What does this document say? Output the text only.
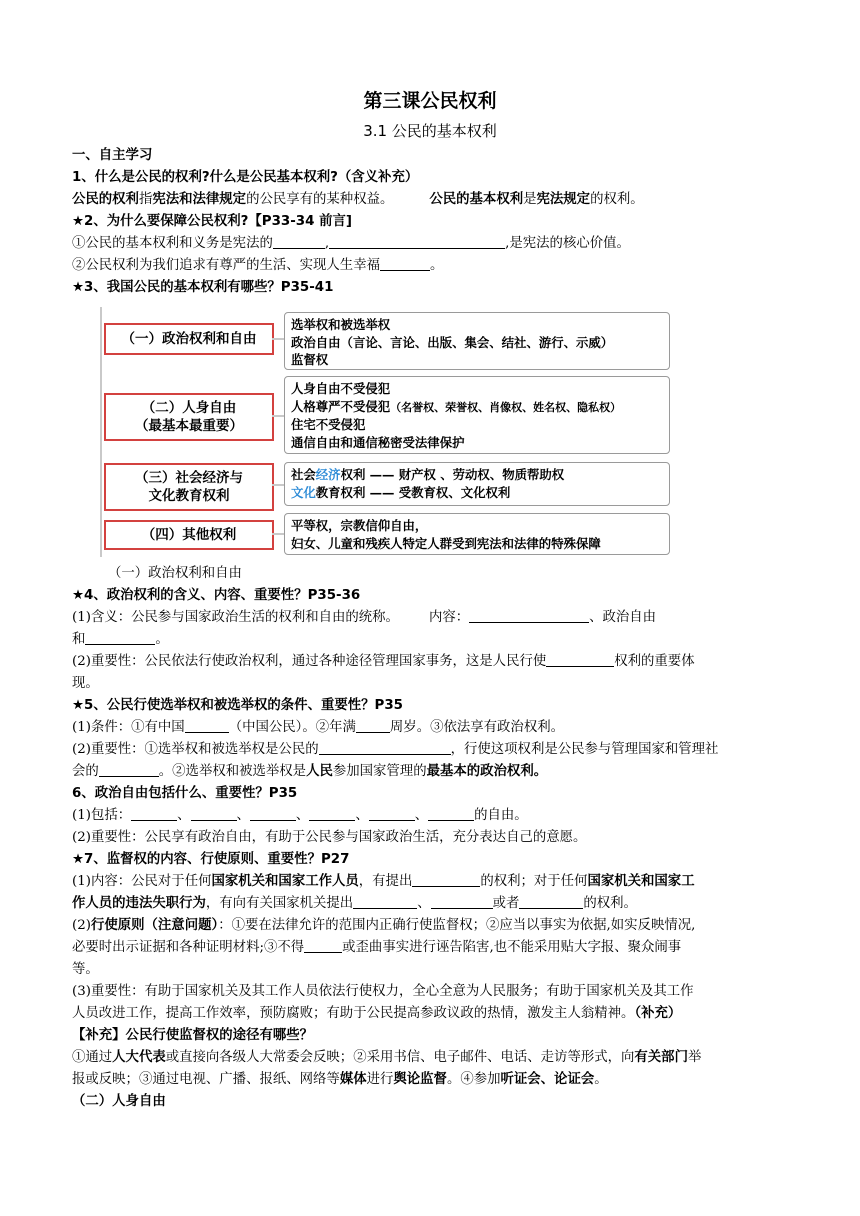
第三课公民权利
3.1 公民的基本权利

一、自主学习

1、什么是公民的权利?什么是公民基本权利?（含义补充）

公民的权利指宪法和法律规定的公民享有的某种权益。	公民的基本权利是宪法规定的权利。

★2、为什么要保障公民权利?【P33-34 前言]

①公民的基本权利和义务是宪法的	,	,是宪法的核心价值。

②公民权利为我们追求有尊严的生活、实现人生幸福	。

★3、我国公民的基本权利有哪些？P35-41

（一）政治权利和自由
选举权和被选举权
政治自由（言论、言论、出版、集会、结社、游行、示威）
监督权
（二）人身自由
（最基本最重要）
人身自由不受侵犯
人格尊严不受侵犯（名誉权、荣誉权、肖像权、姓名权、隐私权）
住宅不受侵犯
通信自由和通信秘密受法律保护
（三）社会经济与
文化教育权利
社会经济权利 —— 财产权 、劳动权、物质帮助权
文化教育权利 —— 受教育权、文化权利
（四）其他权利
平等权，宗教信仰自由，
妇女、儿童和残疾人特定人群受到宪法和法律的特殊保障

（一）政治权利和自由

★4、政治权利的含义、内容、重要性？P35-36

(1)含义：公民参与国家政治生活的权利和自由的统称。 内容：	、政治自由

和	。

(2)重要性：公民依法行使政治权利，通过各种途径管理国家事务，这是人民行使	权利的重要体

现。

★5、公民行使选举权和被选举权的条件、重要性？P35

(1)条件：①有中国	（中国公民）。②年满	周岁。③依法享有政治权利。

(2)重要性：①选举权和被选举权是公民的	，行使这项权利是公民参与管理国家和管理社

会的	。②选举权和被选举权是人民参加国家管理的最基本的政治权利。

6、政治自由包括什么、重要性？P35

(1)包括：	、	、	、	、	、	的自由。

(2)重要性：公民享有政治自由，有助于公民参与国家政治生活，充分表达自己的意愿。

★7、监督权的内容、行使原则、重要性？P27

(1)内容：公民对于任何国家机关和国家工作人员，有提出	的权利；对于任何国家机关和国家工

作人员的违法失职行为，有向有关国家机关提出	、	或者	的权利。

(2)行使原则（注意问题）：①要在法律允许的范围内正确行使监督权；②应当以事实为依据,如实反映情况,

必要时出示证据和各种证明材料;③不得	或歪曲事实进行诬告陷害,也不能采用贴大字报、聚众闹事

等。

(3)重要性：有助于国家机关及其工作人员依法行使权力，全心全意为人民服务；有助于国家机关及其工作

人员改进工作，提高工作效率，预防腐败；有助于公民提高参政议政的热情，激发主人翁精神。（补充）

【补充】公民行使监督权的途径有哪些？

①通过人大代表或直接向各级人大常委会反映；②采用书信、电子邮件、电话、走访等形式，向有关部门举

报或反映；③通过电视、广播、报纸、网络等媒体进行舆论监督。④参加听证会、论证会。

（二）人身自由
